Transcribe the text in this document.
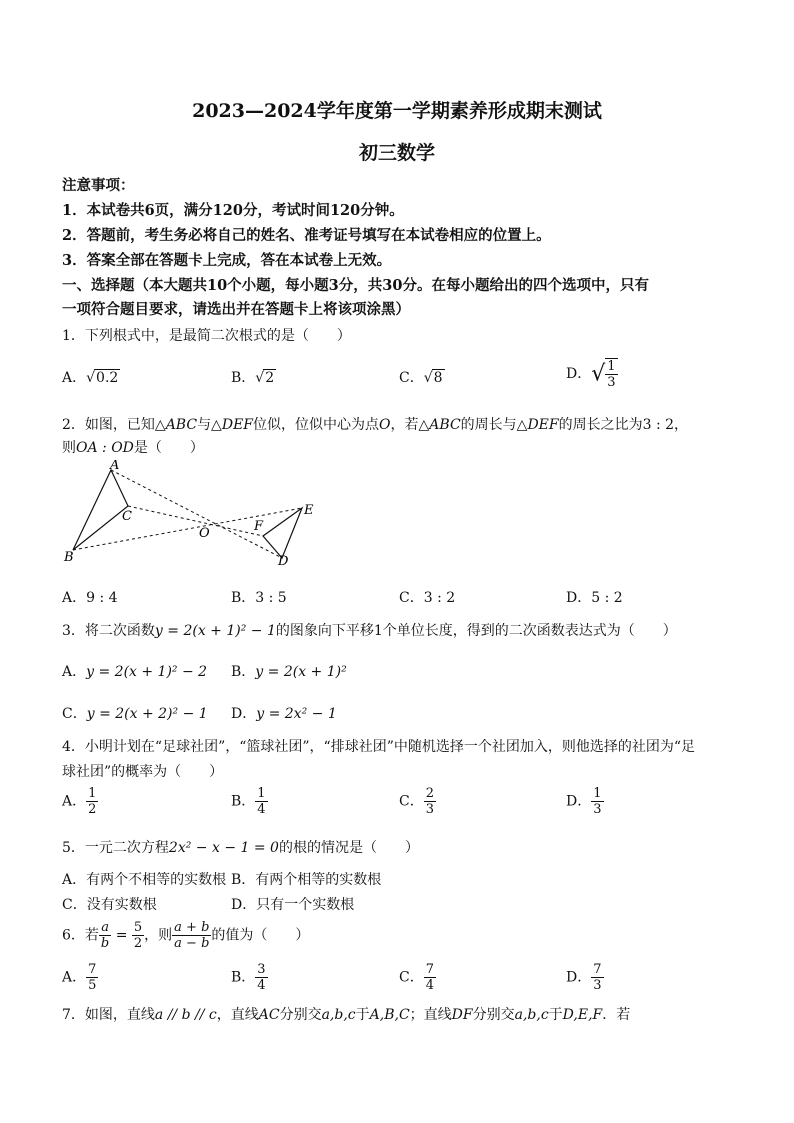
2023—2024学年度第一学期素养形成期末测试
初三数学
注意事项：
1．本试卷共6页，满分120分，考试时间120分钟。
2．答题前，考生务必将自己的姓名、准考证号填写在本试卷相应的位置上。
3．答案全部在答题卡上完成，答在本试卷上无效。
一、选择题（本大题共10个小题，每小题3分，共30分。在每小题给出的四个选项中，只有
一项符合题目要求，请选出并在答题卡上将该项涂黑）
1．下列根式中，是最简二次根式的是（　　）
A．√0.2	B．√2	C．√8	D．√ $\frac{1}{3}$
2．如图，已知△ABC与△DEF位似，位似中心为点O，若△ABC的周长与△DEF的周长之比为3 : 2，
则OA : OD是（　　）
A
B
C
O
E
F
D
A．9 : 4	B．3 : 5	C．3 : 2	D．5 : 2
3．将二次函数y = 2(x + 1)² − 1的图象向下平移1个单位长度，得到的二次函数表达式为（　　）
A．y = 2(x + 1)² − 2 B．y = 2(x + 1)²
C．y = 2(x + 2)² − 1 D．y = 2x² − 1
4．小明计划在“足球社团”，“篮球社团”，“排球社团”中随机选择一个社团加入，则他选择的社团为“足
球社团”的概率为（　　）
A． $\frac{1}{2}$	B． $\frac{1}{4}$	C． $\frac{2}{3}$	D． $\frac{1}{3}$
5．一元二次方程2x² − x − 1 = 0的根的情况是（　　）
A．有两个不相等的实数根 B．有两个相等的实数根
C．没有实数根	D．只有一个实数根
6．若 $\frac{a}{b} = \frac{5}{2}$ ，则 $\frac{a + b}{a - b}$ 的值为（　　）
A． $\frac{7}{5}$	B． $\frac{3}{4}$	C． $\frac{7}{4}$	D． $\frac{7}{3}$
7．如图，直线a // b // c，直线AC分别交a,b,c于A,B,C；直线DF分别交a,b,c于D,E,F．若
